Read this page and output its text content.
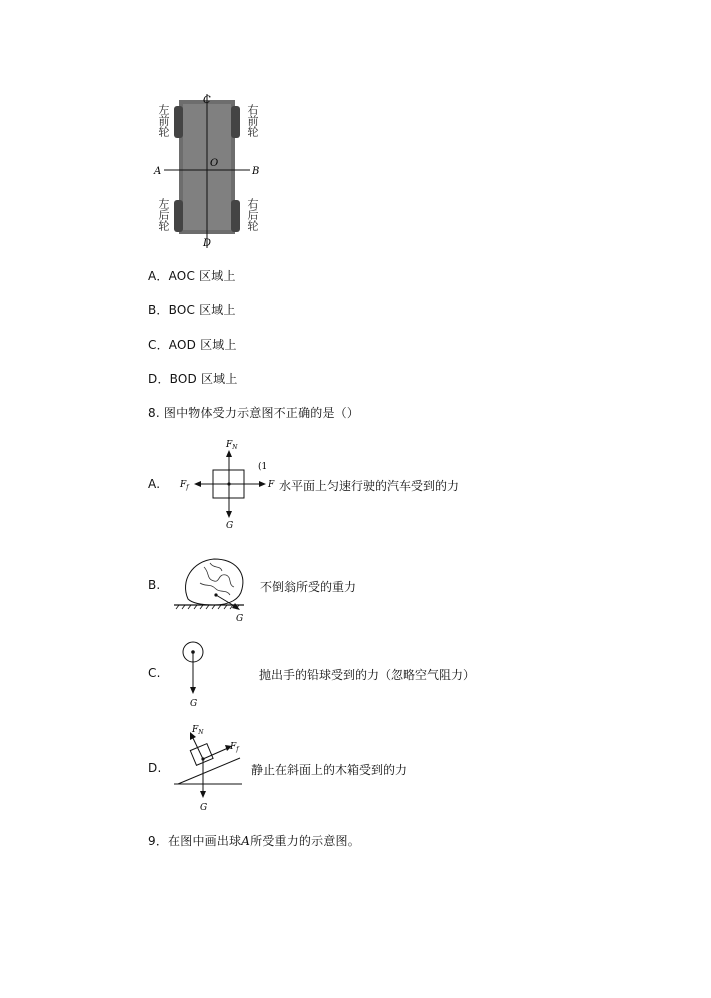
A	B
C
D
O
左前轮	右前轮
左后轮	右后轮
A．AOC 区域上
B．BOC 区域上
C．AOD 区域上
D．BOD 区域上
8. 图中物体受力示意图不正确的是（）
A.
$F_N$
G
$F_f$	F
(1
水平面上匀速行驶的汽车受到的力
B.
G
不倒翁所受的重力
C.
G
抛出手的铅球受到的力（忽略空气阻力）
D.
$F_N$
$F_f$
G
静止在斜面上的木箱受到的力
9．在图中画出球A所受重力的示意图。
